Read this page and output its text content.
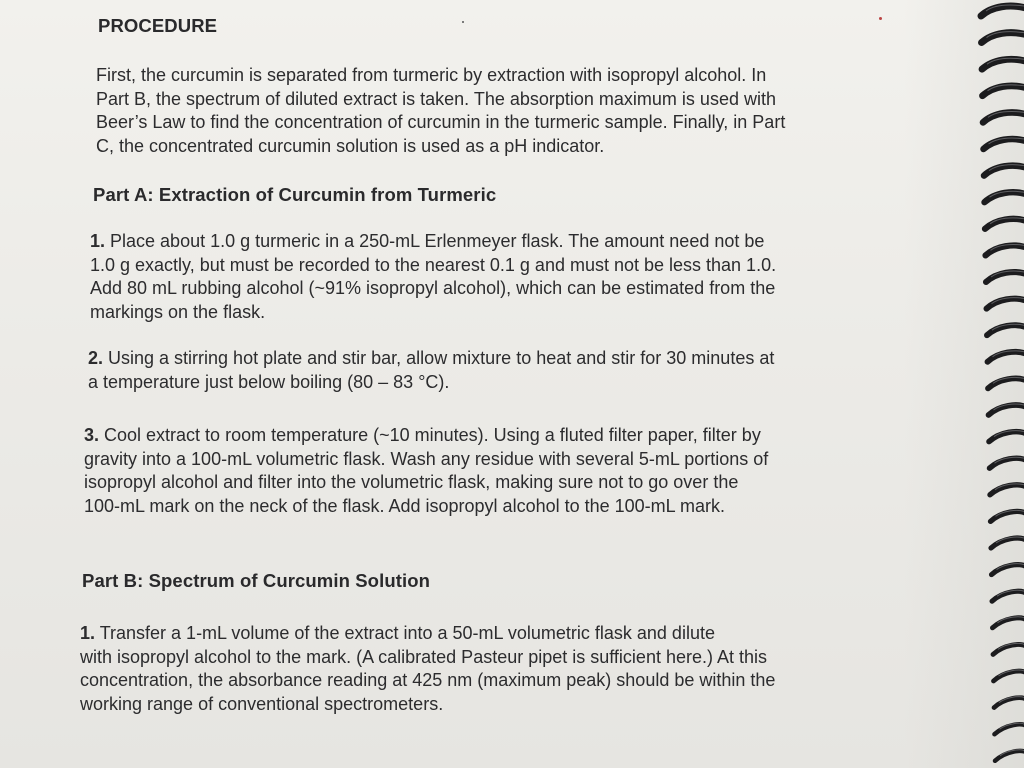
PROCEDURE
First, the curcumin is separated from turmeric by extraction with isopropyl alcohol. In
Part B, the spectrum of diluted extract is taken. The absorption maximum is used with
Beer’s Law to find the concentration of curcumin in the turmeric sample. Finally, in Part
C, the concentrated curcumin solution is used as a pH indicator.
Part A: Extraction of Curcumin from Turmeric
1. Place about 1.0 g turmeric in a 250-mL Erlenmeyer flask. The amount need not be
1.0 g exactly, but must be recorded to the nearest 0.1 g and must not be less than 1.0.
Add 80 mL rubbing alcohol (~91% isopropyl alcohol), which can be estimated from the
markings on the flask.
2. Using a stirring hot plate and stir bar, allow mixture to heat and stir for 30 minutes at
a temperature just below boiling (80 – 83 °C).
3. Cool extract to room temperature (~10 minutes). Using a fluted filter paper, filter by
gravity into a 100-mL volumetric flask. Wash any residue with several 5-mL portions of
isopropyl alcohol and filter into the volumetric flask, making sure not to go over the
100-mL mark on the neck of the flask. Add isopropyl alcohol to the 100-mL mark.
Part B: Spectrum of Curcumin Solution
1. Transfer a 1-mL volume of the extract into a 50-mL volumetric flask and dilute
with isopropyl alcohol to the mark. (A calibrated Pasteur pipet is sufficient here.) At this
concentration, the absorbance reading at 425 nm (maximum peak) should be within the
working range of conventional spectrometers.
